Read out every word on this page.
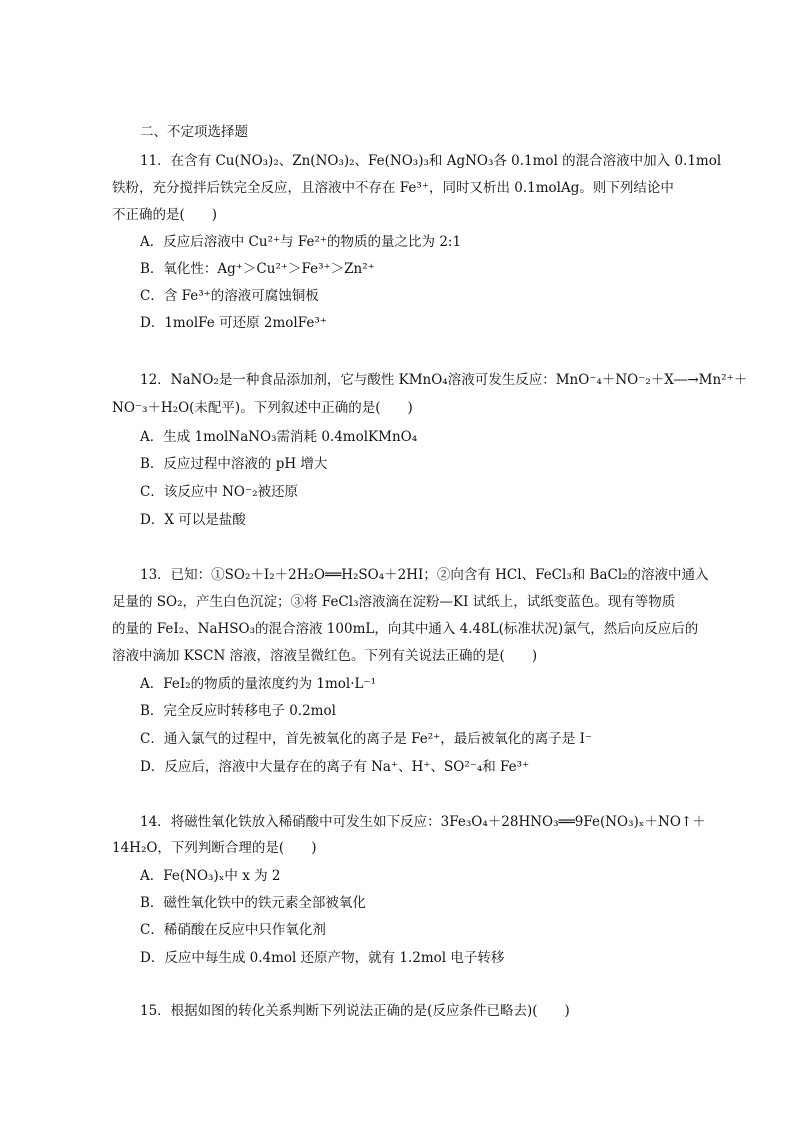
二、不定项选择题
11．在含有 Cu(NO₃)₂、Zn(NO₃)₂、Fe(NO₃)₃和 AgNO₃各 0.1mol 的混合溶液中加入 0.1mol
铁粉，充分搅拌后铁完全反应，且溶液中不存在 Fe³⁺，同时又析出 0.1molAg。则下列结论中
不正确的是(　　)
A．反应后溶液中 Cu²⁺与 Fe²⁺的物质的量之比为 2:1
B．氧化性：Ag⁺＞Cu²⁺＞Fe³⁺＞Zn²⁺
C．含 Fe³⁺的溶液可腐蚀铜板
D．1molFe 可还原 2molFe³⁺
12．NaNO₂是一种食品添加剂，它与酸性 KMnO₄溶液可发生反应：MnO⁻₄＋NO⁻₂＋X―→Mn²⁺＋
NO⁻₃＋H₂O(未配平)。下列叙述中正确的是(　　)
A．生成 1molNaNO₃需消耗 0.4molKMnO₄
B．反应过程中溶液的 pH 增大
C．该反应中 NO⁻₂被还原
D．X 可以是盐酸
13．已知：①SO₂＋I₂＋2H₂O══H₂SO₄＋2HI；②向含有 HCl、FeCl₃和 BaCl₂的溶液中通入
足量的 SO₂，产生白色沉淀；③将 FeCl₃溶液滴在淀粉—KI 试纸上，试纸变蓝色。现有等物质
的量的 FeI₂、NaHSO₃的混合溶液 100mL，向其中通入 4.48L(标准状况)氯气，然后向反应后的
溶液中滴加 KSCN 溶液，溶液呈微红色。下列有关说法正确的是(　　)
A．FeI₂的物质的量浓度约为 1mol·L⁻¹
B．完全反应时转移电子 0.2mol
C．通入氯气的过程中，首先被氧化的离子是 Fe²⁺，最后被氧化的离子是 I⁻
D．反应后，溶液中大量存在的离子有 Na⁺、H⁺、SO²⁻₄和 Fe³⁺
14．将磁性氧化铁放入稀硝酸中可发生如下反应：3Fe₃O₄＋28HNO₃══9Fe(NO₃)ₓ＋NO↑＋
14H₂O，下列判断合理的是(　　)
A．Fe(NO₃)ₓ中 x 为 2
B．磁性氧化铁中的铁元素全部被氧化
C．稀硝酸在反应中只作氧化剂
D．反应中每生成 0.4mol 还原产物，就有 1.2mol 电子转移
15．根据如图的转化关系判断下列说法正确的是(反应条件已略去)(　　)
